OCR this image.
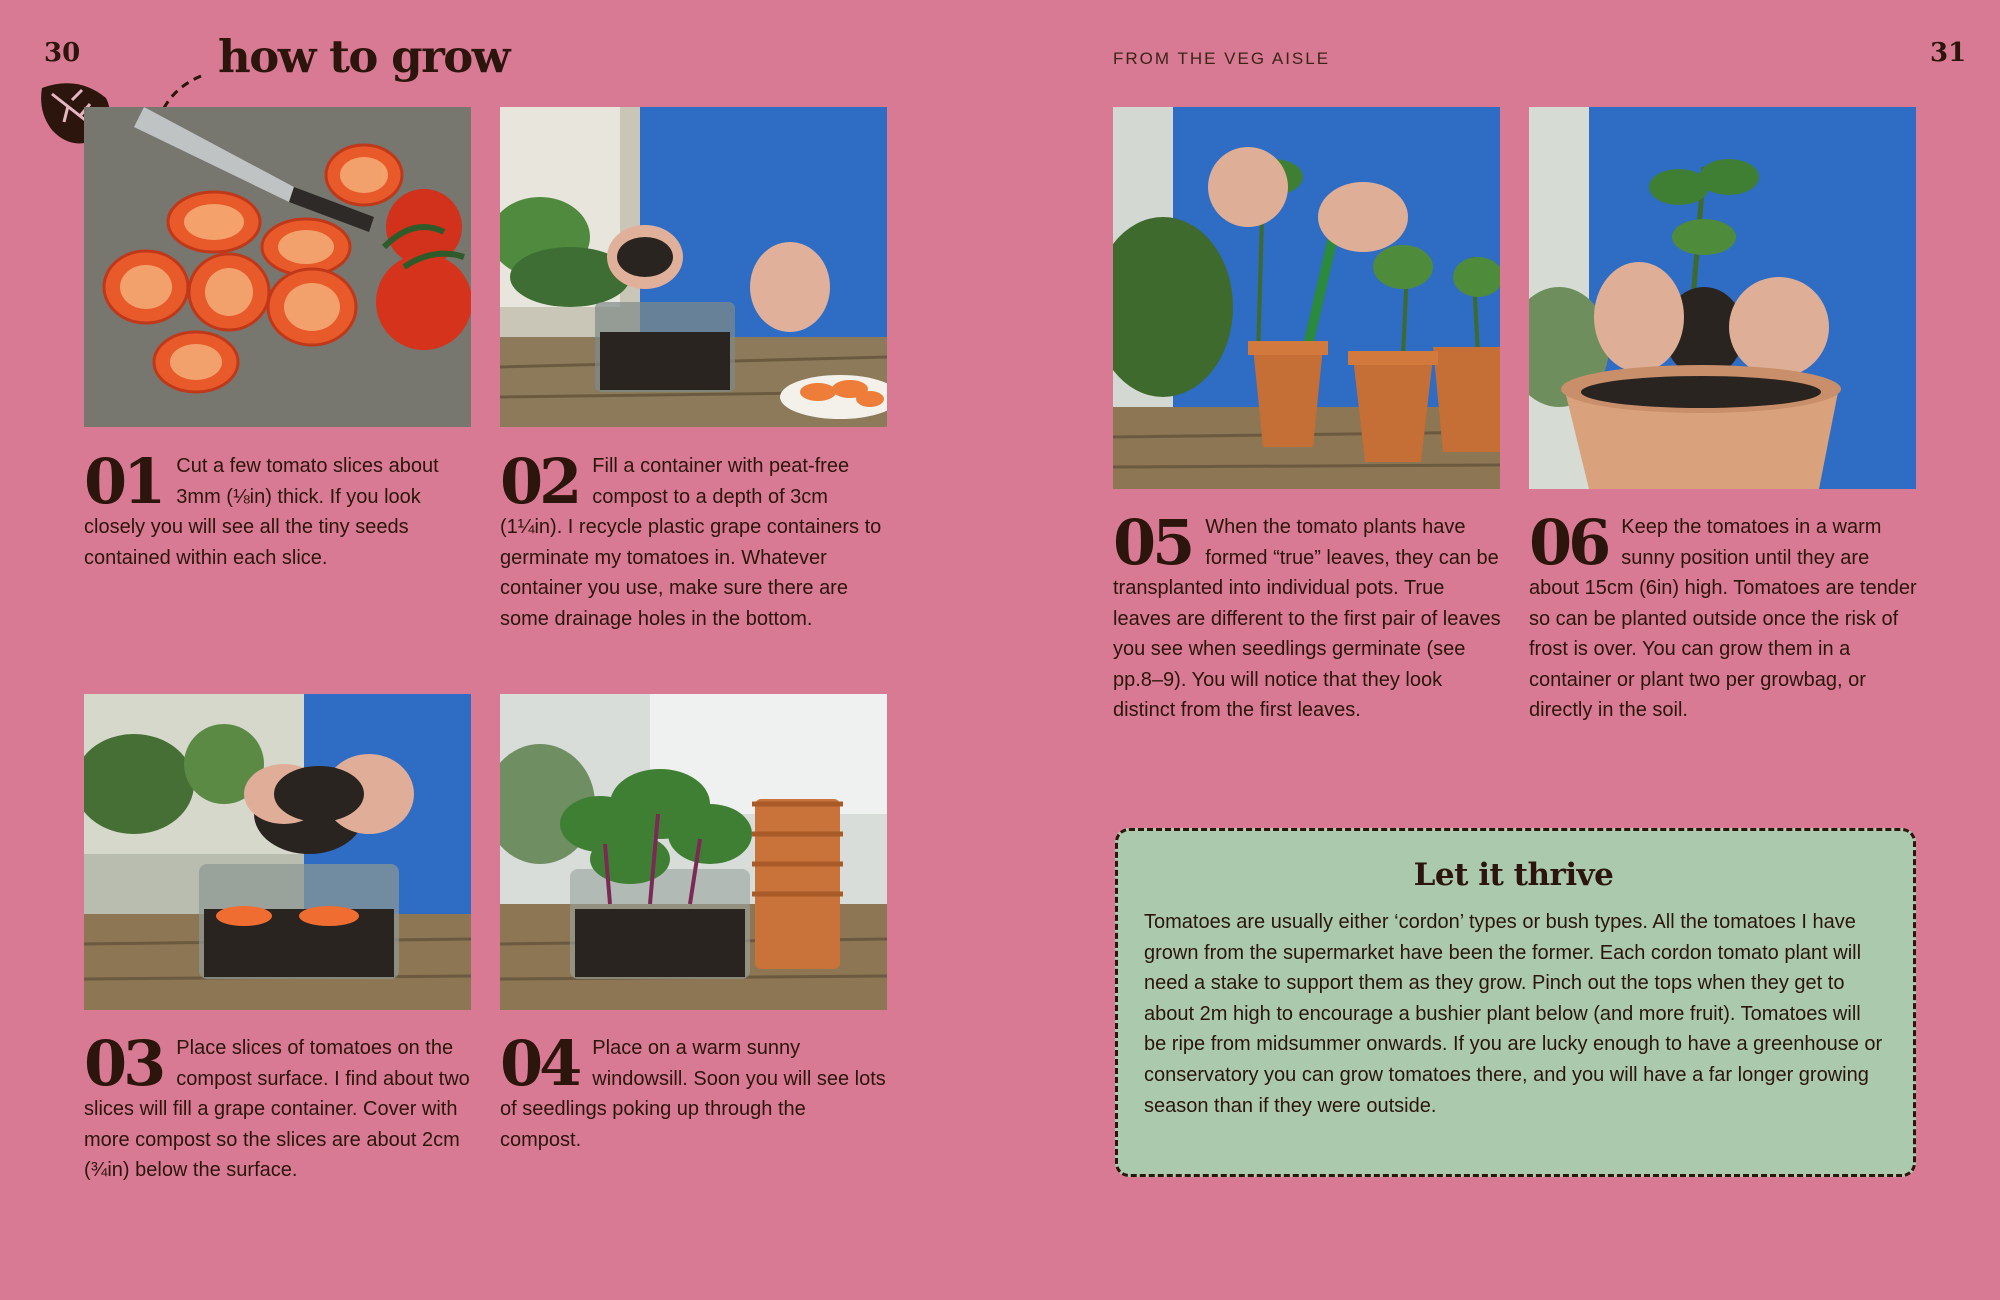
30	how to grow
01 Cut a few tomato slices about 3mm (⅛in) thick. If you look closely you will see all the tiny seeds contained within each slice.
02 Fill a container with peat-free compost to a depth of 3cm (1¼in). I recycle plastic grape containers to germinate my tomatoes in. Whatever container you use, make sure there are some drainage holes in the bottom.
03 Place slices of tomatoes on the compost surface. I find about two slices will fill a grape container. Cover with more compost so the slices are about 2cm (¾in) below the surface.
04 Place on a warm sunny windowsill. Soon you will see lots of seedlings poking up through the compost.
FROM THE VEG AISLE	31
05 When the tomato plants have formed “true” leaves, they can be transplanted into individual pots. True leaves are different to the first pair of leaves you see when seedlings germinate (see pp.8–9). You will notice that they look distinct from the first leaves.
06 Keep the tomatoes in a warm sunny position until they are about 15cm (6in) high. Tomatoes are tender so can be planted outside once the risk of frost is over. You can grow them in a container or plant two per growbag, or directly in the soil.
Let it thrive
Tomatoes are usually either ‘cordon’ types or bush types. All the tomatoes I have grown from the supermarket have been the former. Each cordon tomato plant will need a stake to support them as they grow. Pinch out the tops when they get to about 2m high to encourage a bushier plant below (and more fruit). Tomatoes will be ripe from midsummer onwards. If you are lucky enough to have a greenhouse or conservatory you can grow tomatoes there, and you will have a far longer growing season than if they were outside.
